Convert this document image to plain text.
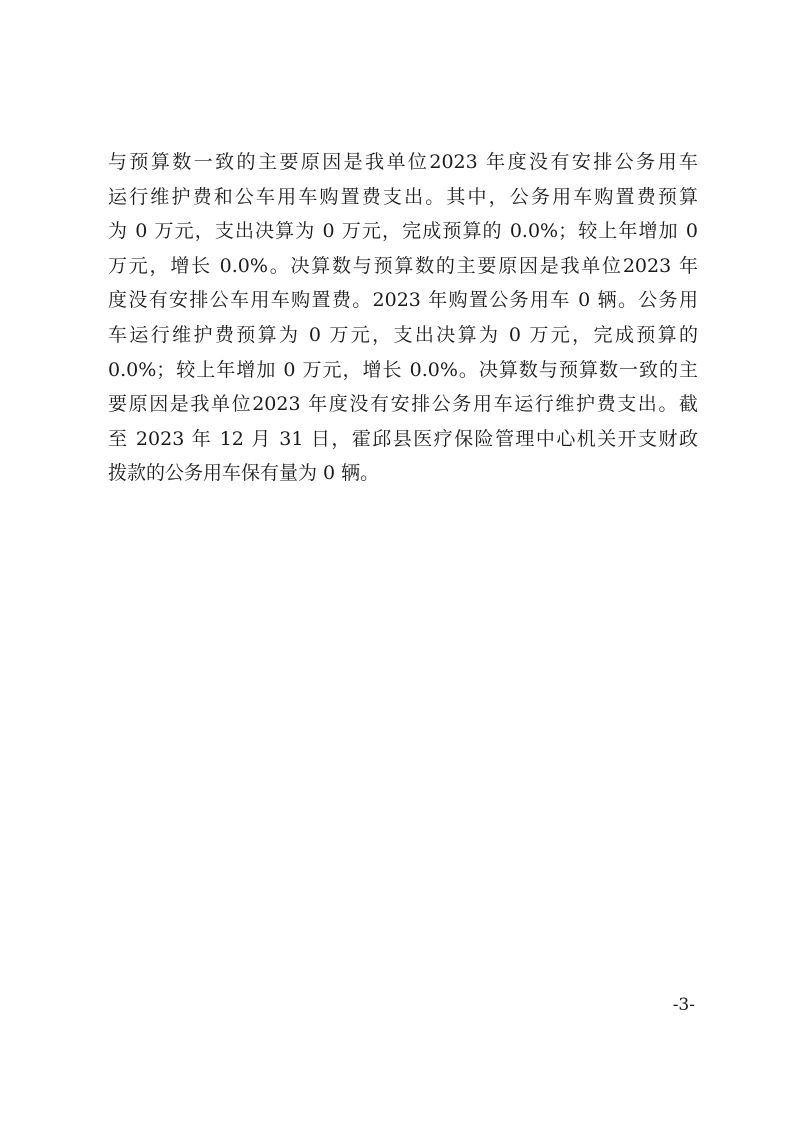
与预算数一致的主要原因是我单位2023 年度没有安排公务用车
运行维护费和公车用车购置费支出。其中，公务用车购置费预算
为 0 万元，支出决算为 0 万元，完成预算的 0.0%；较上年增加 0
万元，增长 0.0%。决算数与预算数的主要原因是我单位2023 年
度没有安排公车用车购置费。2023 年购置公务用车 0 辆。公务用
车运行维护费预算为 0 万元，支出决算为 0 万元，完成预算的
0.0%；较上年增加 0 万元，增长 0.0%。决算数与预算数一致的主
要原因是我单位2023 年度没有安排公务用车运行维护费支出。截
至 2023 年 12 月 31 日，霍邱县医疗保险管理中心机关开支财政
拨款的公务用车保有量为 0 辆。

-3-
